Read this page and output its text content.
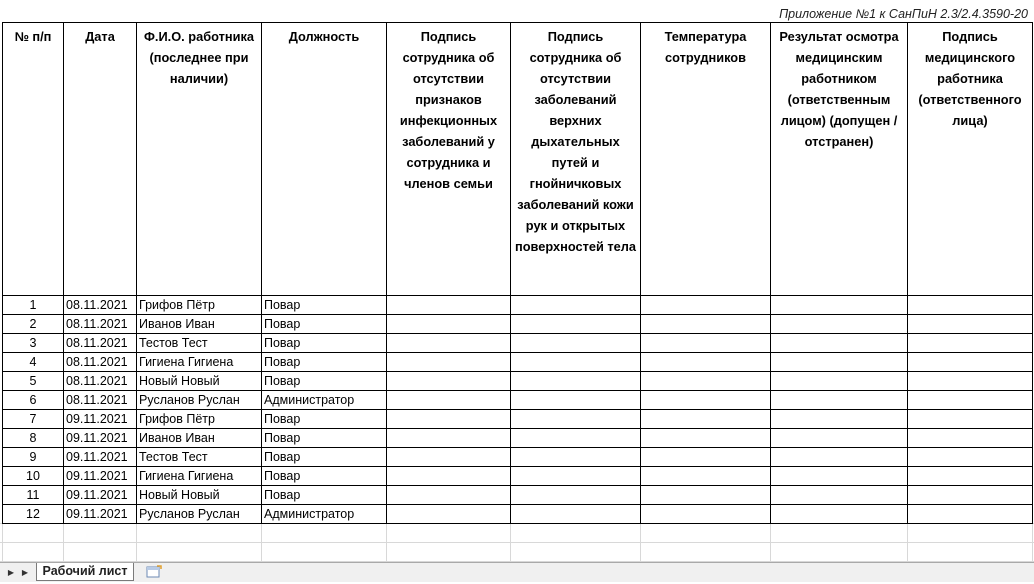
Приложение №1 к СанПиН 2.3/2.4.3590-20
№ п/п	Дата	Ф.И.О. работника (последнее при наличии)	Должность	Подпись сотрудника об отсутствии признаков инфекционных заболеваний у сотрудника и членов семьи	Подпись сотрудника об отсутствии заболеваний верхних дыхательных путей и гнойничковых заболеваний кожи рук и открытых поверхностей тела	Температура сотрудников	Результат осмотра медицинским работником (ответственным лицом) (допущен / отстранен)	Подпись медицинского работника (ответственного лица)

1	08.11.2021	Грифов Пётр	Повар					
2	08.11.2021	Иванов Иван	Повар					
3	08.11.2021	Тестов Тест	Повар					
4	08.11.2021	Гигиена Гигиена	Повар					
5	08.11.2021	Новый Новый	Повар					
6	08.11.2021	Русланов Руслан	Администратор					
7	09.11.2021	Грифов Пётр	Повар					
8	09.11.2021	Иванов Иван	Повар					
9	09.11.2021	Тестов Тест	Повар					
10	09.11.2021	Гигиена Гигиена	Повар					
11	09.11.2021	Новый Новый	Повар					
12	09.11.2021	Русланов Руслан	Администратор					
▶​ ▶	Рабочий лист
